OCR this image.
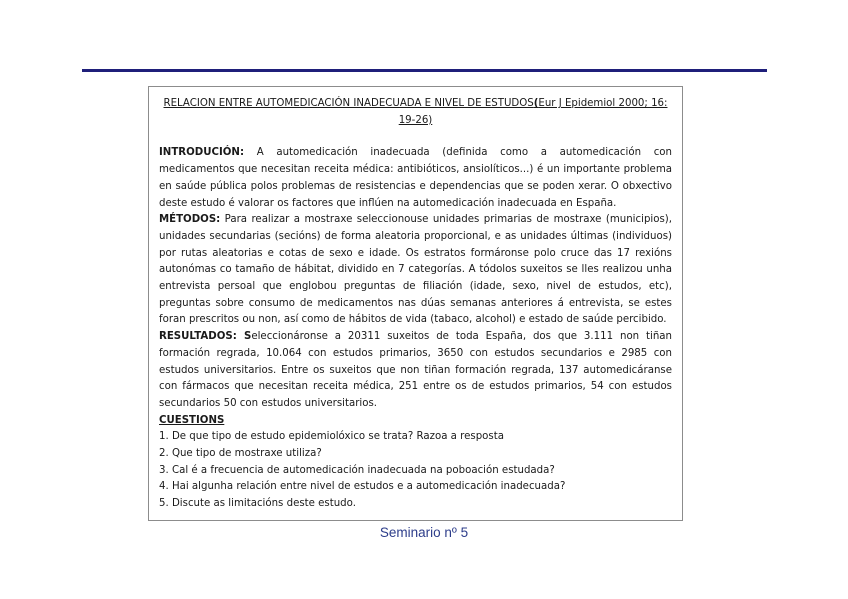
RELACION ENTRE AUTOMEDICACIÓN INADECUADA E NIVEL DE ESTUDOS(Eur J Epidemiol 2000; 16: 19-26)

INTRODUCIÓN: A automedicación inadecuada (definida como a automedicación con medicamentos que necesitan receita médica: antibióticos, ansiolíticos...) é un importante problema en saúde pública polos problemas de resistencias e dependencias que se poden xerar. O obxectivo deste estudo é valorar os factores que inflúen na automedicación inadecuada en España.

MÉTODOS: Para realizar a mostraxe seleccionouse unidades primarias de mostraxe (municipios), unidades secundarias (secións) de forma aleatoria proporcional, e as unidades últimas (individuos) por rutas aleatorias e cotas de sexo e idade. Os estratos formáronse polo cruce das 17 rexións autonómas co tamaño de hábitat, dividido en 7 categorías. A tódolos suxeitos se lles realizou unha entrevista persoal que englobou preguntas de filiación (idade, sexo, nivel de estudos, etc), preguntas sobre consumo de medicamentos nas dúas semanas anteriores á entrevista, se estes foran prescritos ou non, así como de hábitos de vida (tabaco, alcohol) e estado de saúde percibido.

RESULTADOS: Seleccionáronse a 20311 suxeitos de toda España, dos que 3.111 non tiñan formación regrada, 10.064 con estudos primarios, 3650 con estudos secundarios e 2985 con estudos universitarios. Entre os suxeitos que non tiñan formación regrada, 137 automedicáranse con fármacos que necesitan receita médica, 251 entre os de estudos primarios, 54 con estudos secundarios 50 con estudos universitarios.

CUESTIONS
1. De que tipo de estudo epidemiolóxico se trata? Razoa a resposta
2. Que tipo de mostraxe utiliza?
3. Cal é a frecuencia de automedicación inadecuada na poboación estudada?
4. Hai algunha relación entre nivel de estudos e a automedicación inadecuada?
5. Discute as limitacións deste estudo.
Seminario nº 5
